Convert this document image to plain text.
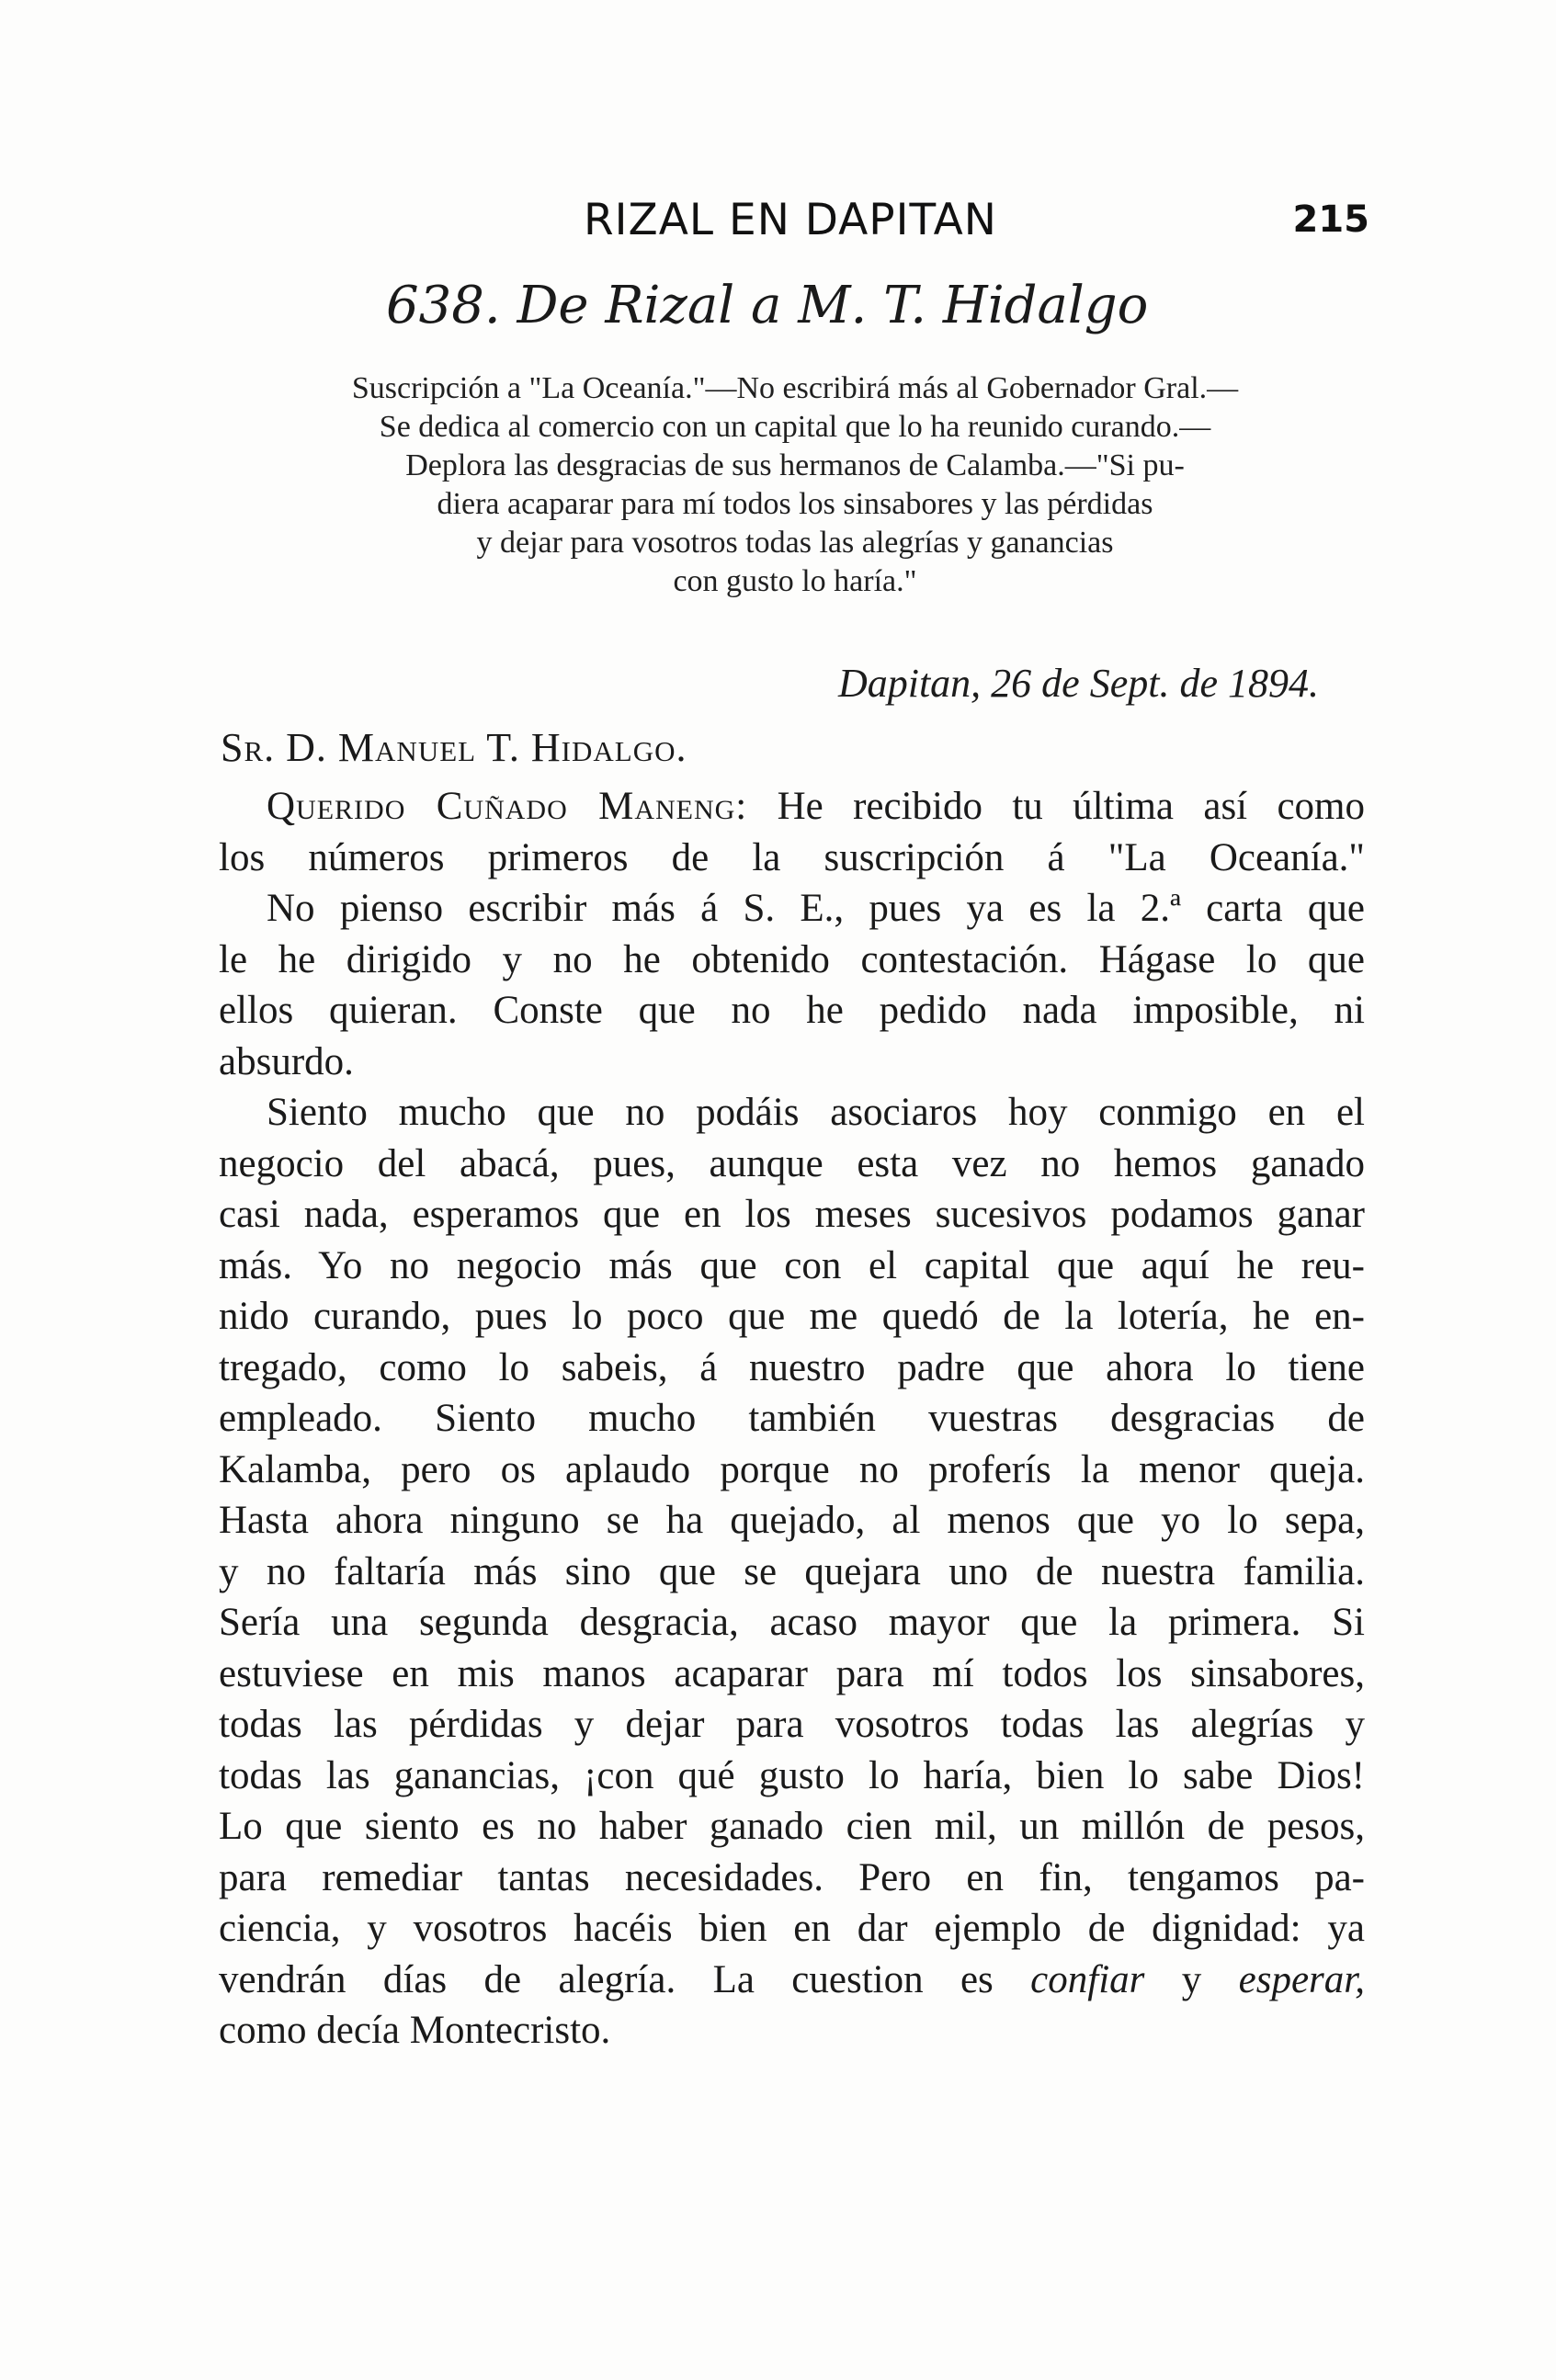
RIZAL EN DAPITAN	215
638. De Rizal a M. T. Hidalgo
Suscripción a "La Oceanía."—No escribirá más al Gobernador Gral.—
Se dedica al comercio con un capital que lo ha reunido curando.—
Deplora las desgracias de sus hermanos de Calamba.—"Si pu-
diera acaparar para mí todos los sinsabores y las pérdidas
y dejar para vosotros todas las alegrías y ganancias
con gusto lo haría."
Dapitan, 26 de Sept. de 1894.
Sr. D. Manuel T. Hidalgo.
Querido Cuñado Maneng: He recibido tu última así como
los números primeros de la suscripción á "La Oceanía."
No pienso escribir más á S. E., pues ya es la 2.ª carta que
le he dirigido y no he obtenido contestación. Hágase lo que
ellos quieran. Conste que no he pedido nada imposible, ni
absurdo.
Siento mucho que no podáis asociaros hoy conmigo en el
negocio del abacá, pues, aunque esta vez no hemos ganado
casi nada, esperamos que en los meses sucesivos podamos ganar
más. Yo no negocio más que con el capital que aquí he reu-
nido curando, pues lo poco que me quedó de la lotería, he en-
tregado, como lo sabeis, á nuestro padre que ahora lo tiene
empleado. Siento mucho también vuestras desgracias de
Kalamba, pero os aplaudo porque no proferís la menor queja.
Hasta ahora ninguno se ha quejado, al menos que yo lo sepa,
y no faltaría más sino que se quejara uno de nuestra familia.
Sería una segunda desgracia, acaso mayor que la primera. Si
estuviese en mis manos acaparar para mí todos los sinsabores,
todas las pérdidas y dejar para vosotros todas las alegrías y
todas las ganancias, ¡con qué gusto lo haría, bien lo sabe Dios!
Lo que siento es no haber ganado cien mil, un millón de pesos,
para remediar tantas necesidades. Pero en fin, tengamos pa-
ciencia, y vosotros hacéis bien en dar ejemplo de dignidad: ya
vendrán días de alegría. La cuestion es confiar y esperar,
como decía Montecristo.
